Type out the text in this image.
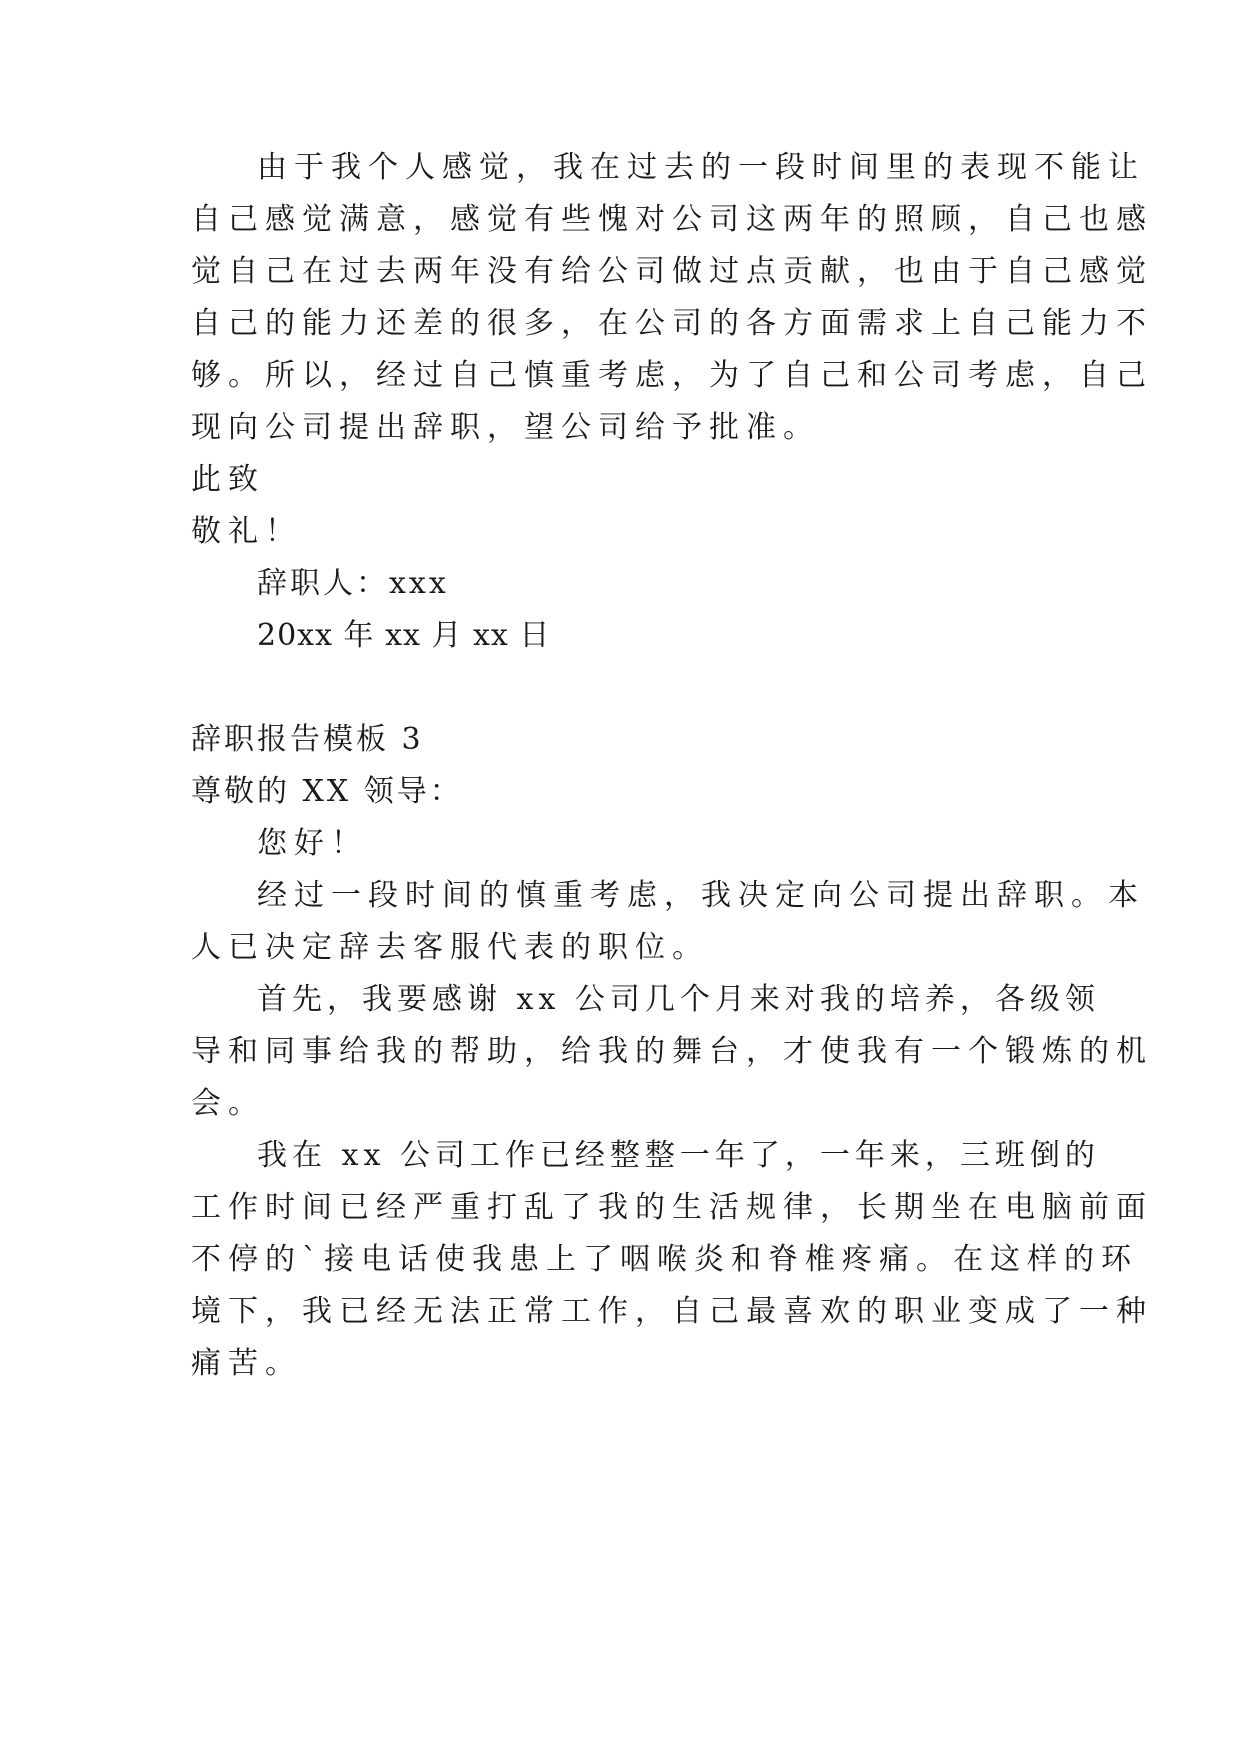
由于我个人感觉，我在过去的一段时间里的表现不能让
自己感觉满意，感觉有些愧对公司这两年的照顾，自己也感
觉自己在过去两年没有给公司做过点贡献，也由于自己感觉
自己的能力还差的很多，在公司的各方面需求上自己能力不
够。所以，经过自己慎重考虑，为了自己和公司考虑，自己
现向公司提出辞职，望公司给予批准。
此致
敬礼！
辞职人：xxx
20xx 年 xx 月 xx 日
辞职报告模板 3
尊敬的 XX 领导：
您好！
经过一段时间的慎重考虑，我决定向公司提出辞职。本
人已决定辞去客服代表的职位。
首先，我要感谢 xx 公司几个月来对我的培养，各级领
导和同事给我的帮助，给我的舞台，才使我有一个锻炼的机
会。
我在 xx 公司工作已经整整一年了，一年来，三班倒的
工作时间已经严重打乱了我的生活规律，长期坐在电脑前面
不停的`接电话使我患上了咽喉炎和脊椎疼痛。在这样的环
境下，我已经无法正常工作，自己最喜欢的职业变成了一种
痛苦。
